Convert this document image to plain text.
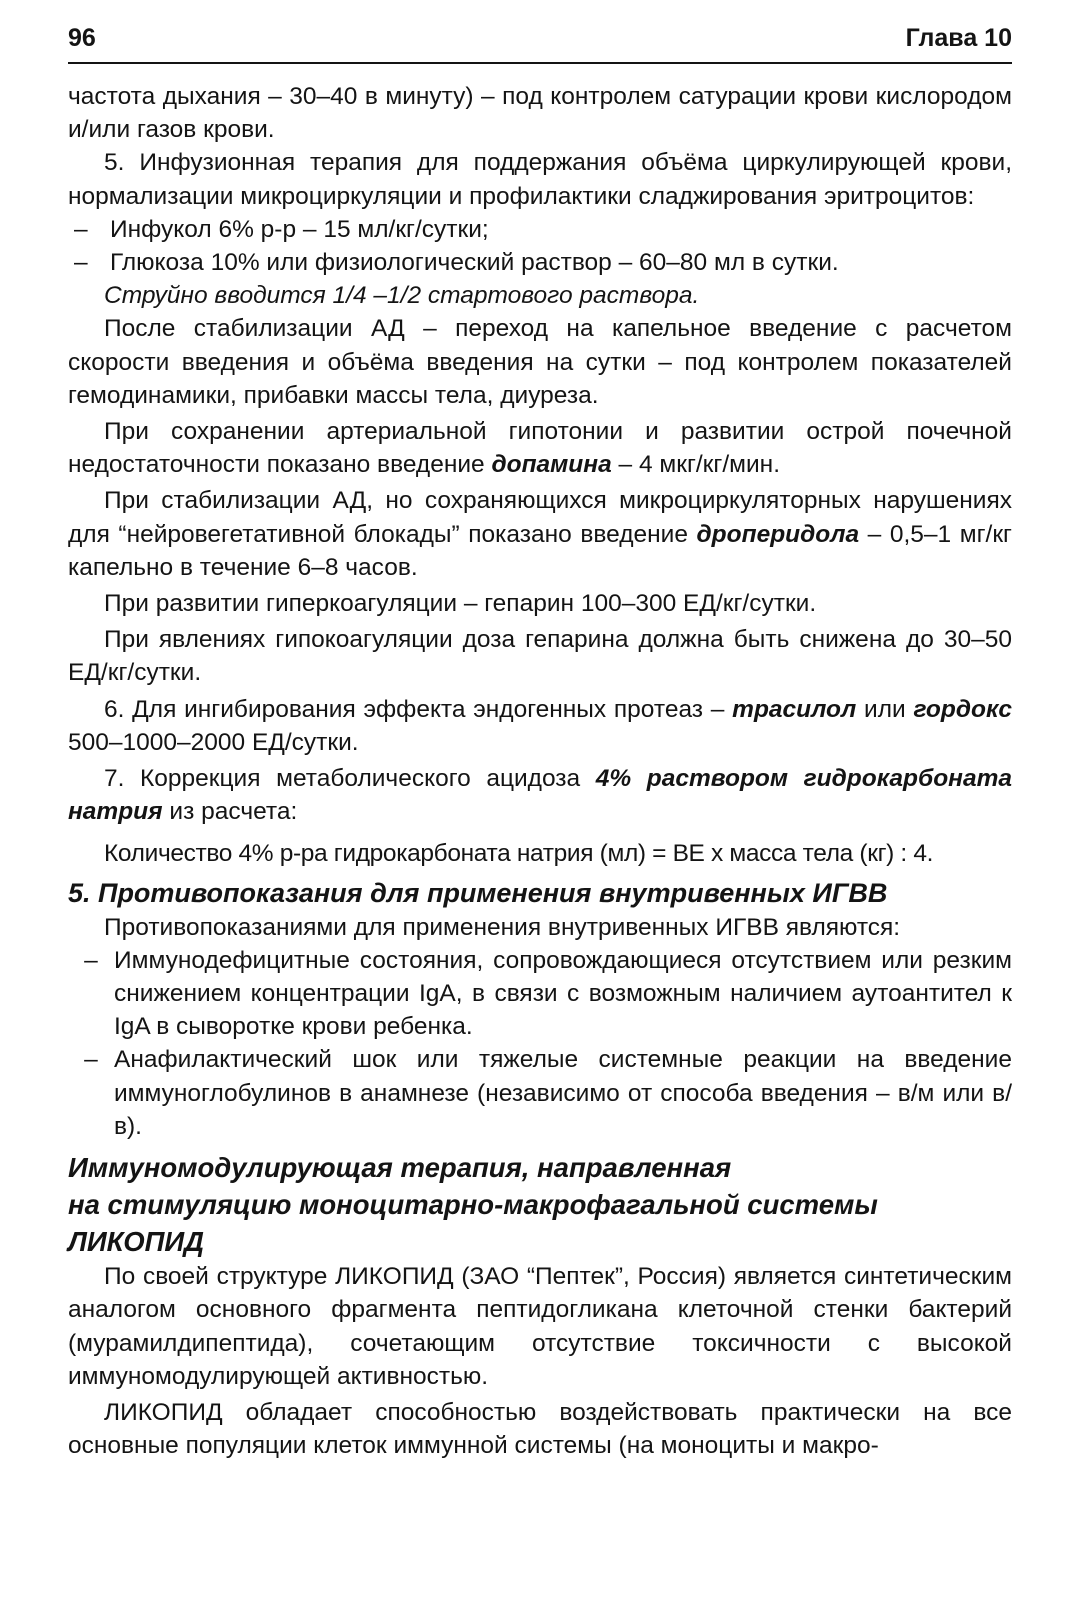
96	Глава 10

частота дыхания – 30–40 в минуту) – под контролем сатурации крови кислородом и/или газов крови.

5. Инфузионная терапия для поддержания объёма циркулирующей крови, нормализации микроциркуляции и профилактики сладжирования эритроцитов:

– Инфукол 6% р-р – 15 мл/кг/сутки;
– Глюкоза 10% или физиологический раствор – 60–80 мл в сутки.

Струйно вводится 1/4 –1/2 стартового раствора.

После стабилизации АД – переход на капельное введение с расчетом скорости введения и объёма введения на сутки – под контролем показателей гемодинамики, прибавки массы тела, диуреза.

При сохранении артериальной гипотонии и развитии острой почечной недостаточности показано введение допамина – 4 мкг/кг/мин.

При стабилизации АД, но сохраняющихся микроциркуляторных нарушениях для “нейровегетативной блокады” показано введение дроперидола – 0,5–1 мг/кг капельно в течение 6–8 часов.

При развитии гиперкоагуляции – гепарин 100–300 ЕД/кг/сутки.

При явлениях гипокоагуляции доза гепарина должна быть снижена до 30–50 ЕД/кг/сутки.

6. Для ингибирования эффекта эндогенных протеаз – трасилол или гордокс 500–1000–2000 ЕД/сутки.

7. Коррекция метаболического ацидоза 4% раствором гидрокарбоната натрия из расчета:

Количество 4% р-ра гидрокарбоната натрия (мл) = BE x масса тела (кг) : 4.

5. Противопоказания для применения внутривенных ИГВВ

Противопоказаниями для применения внутривенных ИГВВ являются:

– Иммунодефицитные состояния, сопровождающиеся отсутствием или резким снижением концентрации IgA, в связи с возможным наличием аутоантител к IgA в сыворотке крови ребенка.
– Анафилактический шок или тяжелые системные реакции на введение иммуноглобулинов в анамнезе (независимо от способа введения – в/м или в/в).
Иммуномодулирующая терапия, направленная
на стимуляцию моноцитарно-макрофагальной системы
ЛИКОПИД

По своей структуре ЛИКОПИД (ЗАО “Пептек”, Россия) является синтетическим аналогом основного фрагмента пептидогликана клеточной стенки бактерий (мурамилдипептида), сочетающим отсутствие токсичности с высокой иммуномодулирующей активностью.

ЛИКОПИД обладает способностью воздействовать практически на все основные популяции клеток иммунной системы (на моноциты и макро-
